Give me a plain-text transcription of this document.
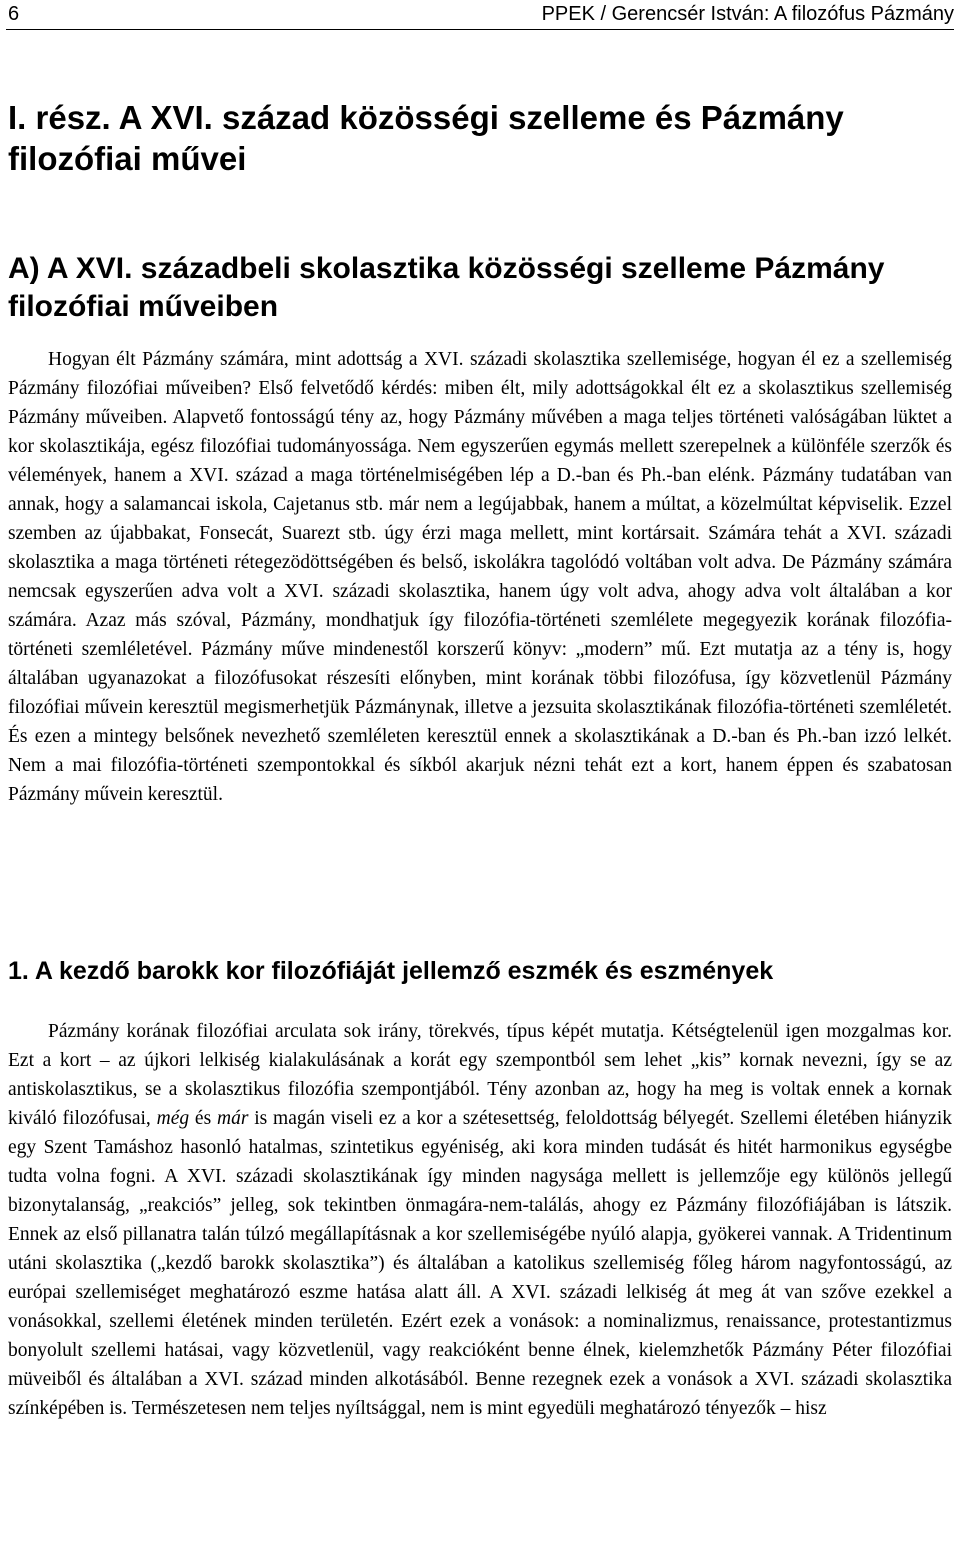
6	PPEK / Gerencsér István: A filozófus Pázmány
I. rész. A XVI. század közösségi szelleme és Pázmány filozófiai művei
A) A XVI. századbeli skolasztika közösségi szelleme Pázmány filozófiai műveiben

Hogyan élt Pázmány számára, mint adottság a XVI. századi skolasztika szellemisége, hogyan él ez a szellemiség Pázmány filozófiai műveiben? Első felvetődő kérdés: miben élt, mily adottságokkal élt ez a skolasztikus szellemiség Pázmány műveiben. Alapvető fontosságú tény az, hogy Pázmány művében a maga teljes történeti valóságában lüktet a kor skolasztikája, egész filozófiai tudományossága. Nem egyszerűen egymás mellett szerepelnek a különféle szerzők és vélemények, hanem a XVI. század a maga történelmiségében lép a D.-ban és Ph.-ban elénk. Pázmány tudatában van annak, hogy a salamancai iskola, Cajetanus stb. már nem a legújabbak, hanem a múltat, a közelmúltat képviselik. Ezzel szemben az újabbakat, Fonsecát, Suarezt stb. úgy érzi maga mellett, mint kortársait. Számára tehát a XVI. századi skolasztika a maga történeti rétegezödöttségében és belső, iskolákra tagolódó voltában volt adva. De Pázmány számára nemcsak egyszerűen adva volt a XVI. századi skolasztika, hanem úgy volt adva, ahogy adva volt általában a kor számára. Azaz más szóval, Pázmány, mondhatjuk így filozófia-történeti szemlélete megegyezik korának filozófia-történeti szemléletével. Pázmány műve mindenestől korszerű könyv: „modern” mű. Ezt mutatja az a tény is, hogy általában ugyanazokat a filozófusokat részesíti előnyben, mint korának többi filozófusa, így közvetlenül Pázmány filozófiai művein keresztül megismerhetjük Pázmánynak, illetve a jezsuita skolasztikának filozófia-történeti szemléletét. És ezen a mintegy belsőnek nevezhető szemléleten keresztül ennek a skolasztikának a D.-ban és Ph.-ban izzó lelkét. Nem a mai filozófia-történeti szempontokkal és síkból akarjuk nézni tehát ezt a kort, hanem éppen és szabatosan Pázmány művein keresztül.

1. A kezdő barokk kor filozófiáját jellemző eszmék és eszmények

Pázmány korának filozófiai arculata sok irány, törekvés, típus képét mutatja. Kétségtelenül igen mozgalmas kor. Ezt a kort – az újkori lelkiség kialakulásának a korát egy szempontból sem lehet „kis” kornak nevezni, így se az antiskolasztikus, se a skolasztikus filozófia szempontjából. Tény azonban az, hogy ha meg is voltak ennek a kornak kiváló filozófusai, még és már is magán viseli ez a kor a szétesettség, feloldottság bélyegét. Szellemi életében hiányzik egy Szent Tamáshoz hasonló hatalmas, szintetikus egyéniség, aki kora minden tudását és hitét harmonikus egységbe tudta volna fogni. A XVI. századi skolasztikának így minden nagysága mellett is jellemzője egy különös jellegű bizonytalanság, „reakciós” jelleg, sok tekintben önmagára-nem-találás, ahogy ez Pázmány filozófiájában is látszik. Ennek az első pillanatra talán túlzó megállapításnak a kor szellemiségébe nyúló alapja, gyökerei vannak. A Tridentinum utáni skolasztika („kezdő barokk skolasztika”) és általában a katolikus szellemiség főleg három nagyfontosságú, az európai szellemiséget meghatározó eszme hatása alatt áll. A XVI. századi lelkiség át meg át van szőve ezekkel a vonásokkal, szellemi életének minden területén. Ezért ezek a vonások: a nominalizmus, renaissance, protestantizmus bonyolult szellemi hatásai, vagy közvetlenül, vagy reakcióként benne élnek, kielemzhetők Pázmány Péter filozófiai müveiből és általában a XVI. század minden alkotásából. Benne rezegnek ezek a vonások a XVI. századi skolasztika színképében is. Természetesen nem teljes nyíltsággal, nem is mint egyedüli meghatározó tényezők – hisz
